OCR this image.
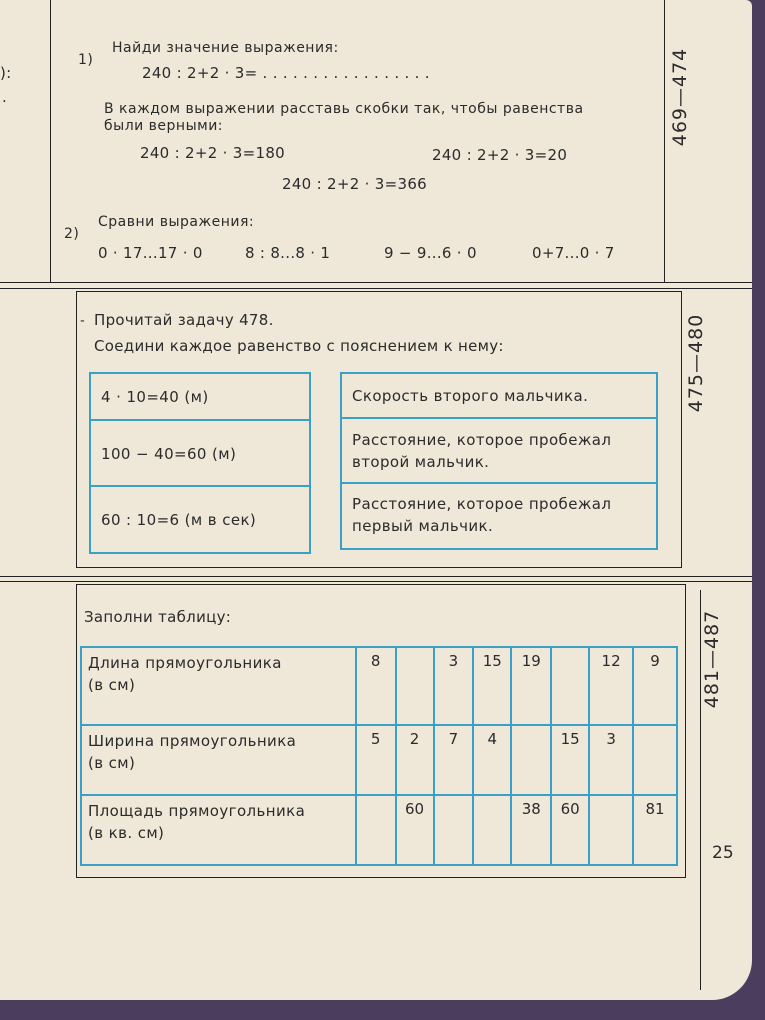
):
.	469—474
1)
Найди значение выражения:
240 : 2+2 · 3= . . . . . . . . . . . . . . . . .
В каждом выражении расставь скобки так, чтобы равенства
были верными:
240 : 2+2 · 3=180	240 : 2+2 · 3=20
240 : 2+2 · 3=366
2)
Сравни выражения:
0 · 17...17 · 0	8 : 8...8 · 1	9 − 9...6 · 0	0+7...0 · 7
475—480
˗ Прочитай задачу 478.
Соедини каждое равенство с пояснением к нему:
4 · 10=40 (м)
100 − 40=60 (м)
60 : 10=6 (м в сек)
Скорость второго мальчика.
Расстояние, которое пробежал
второй мальчик.
Расстояние, которое пробежал
первый мальчик.
481—487
25
Заполни таблицу:
Длина прямоугольника
(в см)	8		3	15	19		12	9

Ширина прямоугольника
(в см)	5	2	7	4		15	3	

Площадь прямоугольника
(в кв. см)		60			38	60		81
